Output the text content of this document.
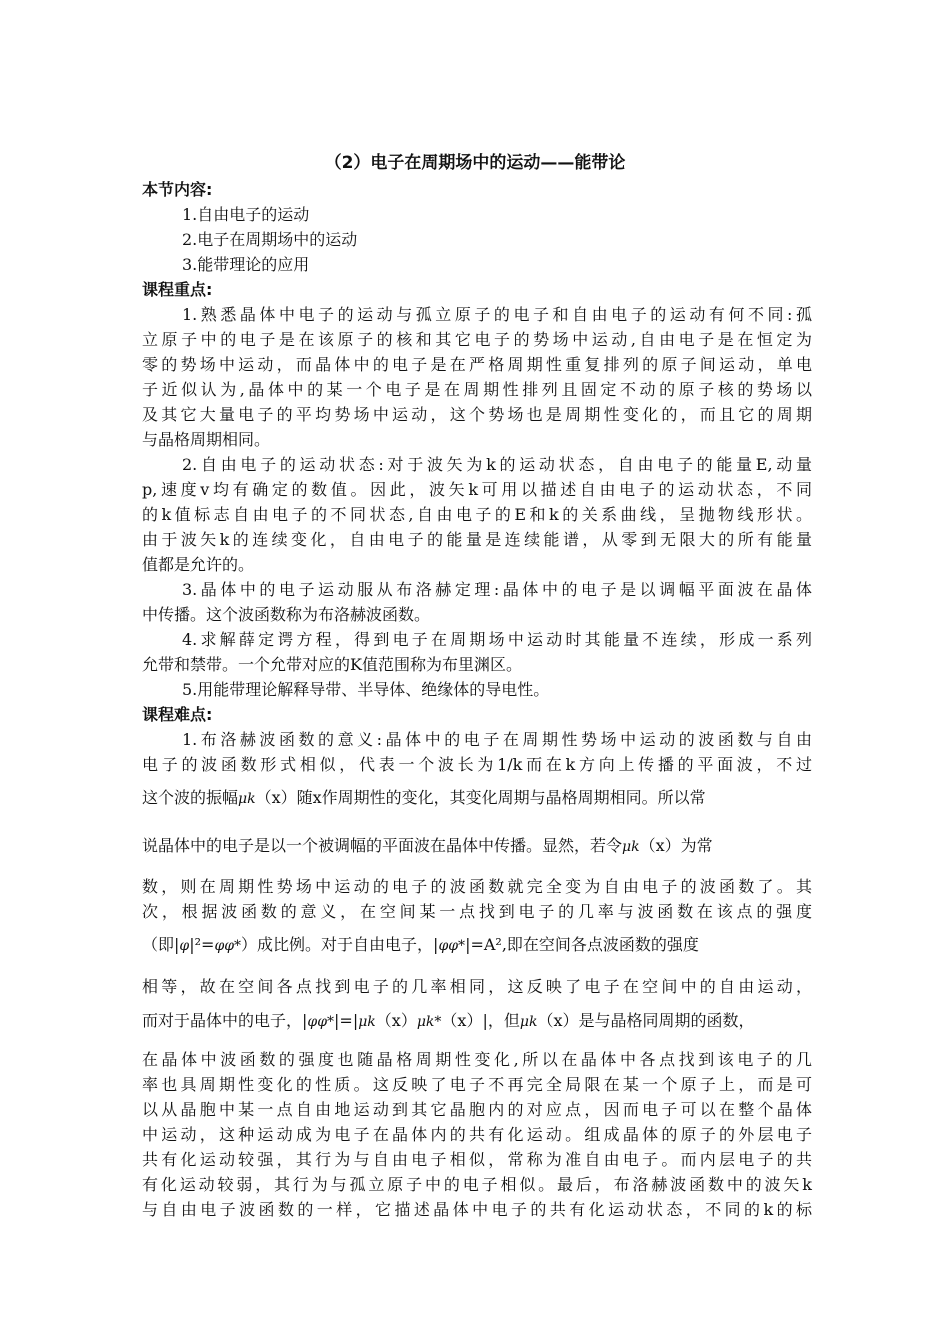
（2）电子在周期场中的运动——能带论
本节内容:
1.自由电子的运动
2.电子在周期场中的运动
3.能带理论的应用
课程重点:
1.熟悉晶体中电子的运动与孤立原子的电子和自由电子的运动有何不同:孤
立原子中的电子是在该原子的核和其它电子的势场中运动,自由电子是在恒定为
零的势场中运动，而晶体中的电子是在严格周期性重复排列的原子间运动，单电
子近似认为,晶体中的某一个电子是在周期性排列且固定不动的原子核的势场以
及其它大量电子的平均势场中运动，这个势场也是周期性变化的，而且它的周期
与晶格周期相同。
2.自由电子的运动状态:对于波矢为k的运动状态，自由电子的能量E,动量
p,速度v均有确定的数值。因此，波矢k可用以描述自由电子的运动状态，不同
的k值标志自由电子的不同状态,自由电子的E和k的关系曲线，呈抛物线形状。
由于波矢k的连续变化，自由电子的能量是连续能谱，从零到无限大的所有能量
值都是允许的。
3.晶体中的电子运动服从布洛赫定理:晶体中的电子是以调幅平面波在晶体
中传播。这个波函数称为布洛赫波函数。
4.求解薛定谔方程，得到电子在周期场中运动时其能量不连续，形成一系列
允带和禁带。一个允带对应的K值范围称为布里渊区。
5.用能带理论解释导带、半导体、绝缘体的导电性。
课程难点:
1.布洛赫波函数的意义:晶体中的电子在周期性势场中运动的波函数与自由
电子的波函数形式相似，代表一个波长为1/k而在k方向上传播的平面波，不过
这个波的振幅μk（x）随x作周期性的变化，其变化周期与晶格周期相同。所以常
说晶体中的电子是以一个被调幅的平面波在晶体中传播。显然，若令μk（x）为常
数，则在周期性势场中运动的电子的波函数就完全变为自由电子的波函数了。其
次，根据波函数的意义，在空间某一点找到电子的几率与波函数在该点的强度
（即|φ|²=φφ*）成比例。对于自由电子，|φφ*|=A²,即在空间各点波函数的强度
相等，故在空间各点找到电子的几率相同，这反映了电子在空间中的自由运动，
而对于晶体中的电子，|φφ*|=|μk（x）μk*（x）|，但μk（x）是与晶格同周期的函数，
在晶体中波函数的强度也随晶格周期性变化,所以在晶体中各点找到该电子的几
率也具周期性变化的性质。这反映了电子不再完全局限在某一个原子上，而是可
以从晶胞中某一点自由地运动到其它晶胞内的对应点，因而电子可以在整个晶体
中运动，这种运动成为电子在晶体内的共有化运动。组成晶体的原子的外层电子
共有化运动较强，其行为与自由电子相似，常称为准自由电子。而内层电子的共
有化运动较弱，其行为与孤立原子中的电子相似。最后，布洛赫波函数中的波矢k
与自由电子波函数的一样，它描述晶体中电子的共有化运动状态，不同的k的标
